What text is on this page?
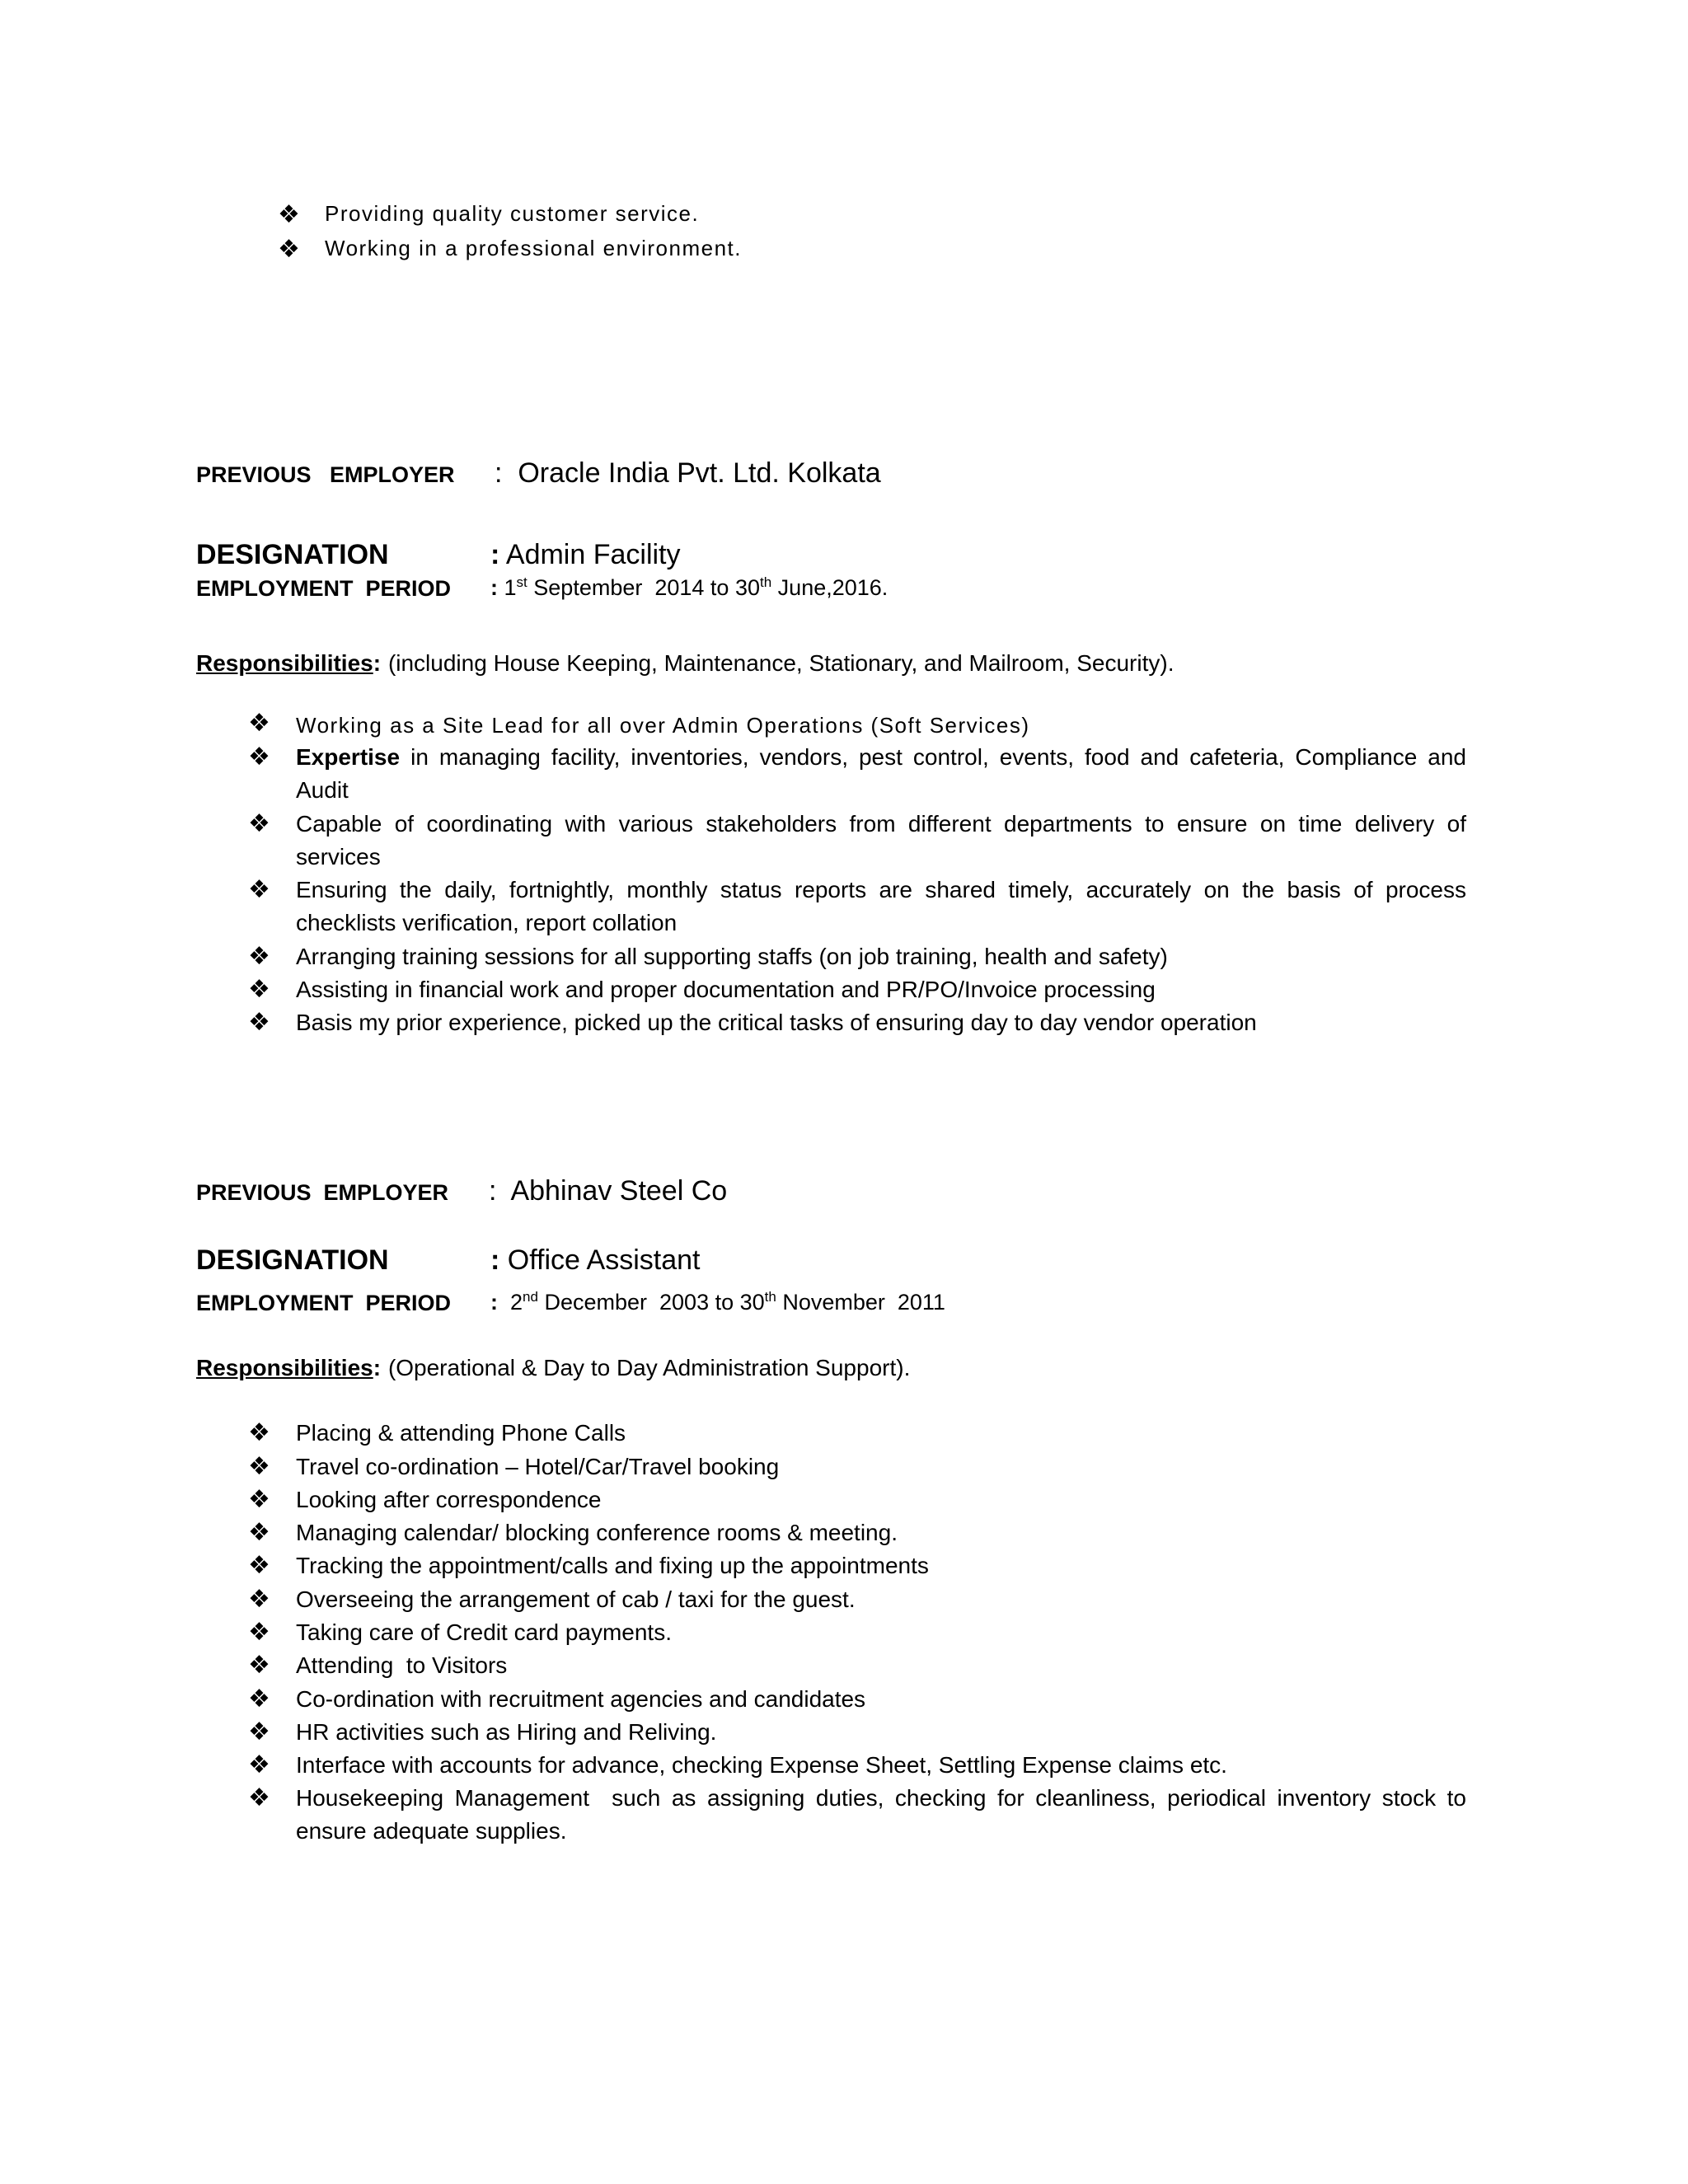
❖ Providing quality customer service.
❖ Working in a professional environment.
PREVIOUS   EMPLOYER :  Oracle India Pvt. Ltd. Kolkata
DESIGNATION	: Admin Facility
EMPLOYMENT  PERIOD : 1st September  2014 to 30th June,2016.
Responsibilities: (including House Keeping, Maintenance, Stationary, and Mailroom, Security).
❖ Working as a Site Lead for all over Admin Operations (Soft Services)
❖ Expertise in managing facility, inventories, vendors, pest control, events, food and cafeteria, Compliance and Audit
❖ Capable of coordinating with various stakeholders from different departments to ensure on time delivery of services
❖ Ensuring the daily, fortnightly, monthly status reports are shared timely, accurately on the basis of process checklists verification, report collation
❖ Arranging training sessions for all supporting staffs (on job training, health and safety)
❖ Assisting in financial work and proper documentation and PR/PO/Invoice processing
❖ Basis my prior experience, picked up the critical tasks of ensuring day to day vendor operation
PREVIOUS  EMPLOYER :  Abhinav Steel Co
DESIGNATION	: Office Assistant
EMPLOYMENT  PERIOD : 2nd December  2003 to 30th November  2011
Responsibilities: (Operational & Day to Day Administration Support).
❖ Placing & attending Phone Calls
❖ Travel co-ordination – Hotel/Car/Travel booking
❖ Looking after correspondence
❖ Managing calendar/ blocking conference rooms & meeting.
❖ Tracking the appointment/calls and fixing up the appointments
❖ Overseeing the arrangement of cab / taxi for the guest.
❖ Taking care of Credit card payments.
❖ Attending  to Visitors
❖ Co-ordination with recruitment agencies and candidates
❖ HR activities such as Hiring and Reliving.
❖ Interface with accounts for advance, checking Expense Sheet, Settling Expense claims etc.
❖ Housekeeping Management  such as assigning duties, checking for cleanliness, periodical inventory stock to ensure adequate supplies.
